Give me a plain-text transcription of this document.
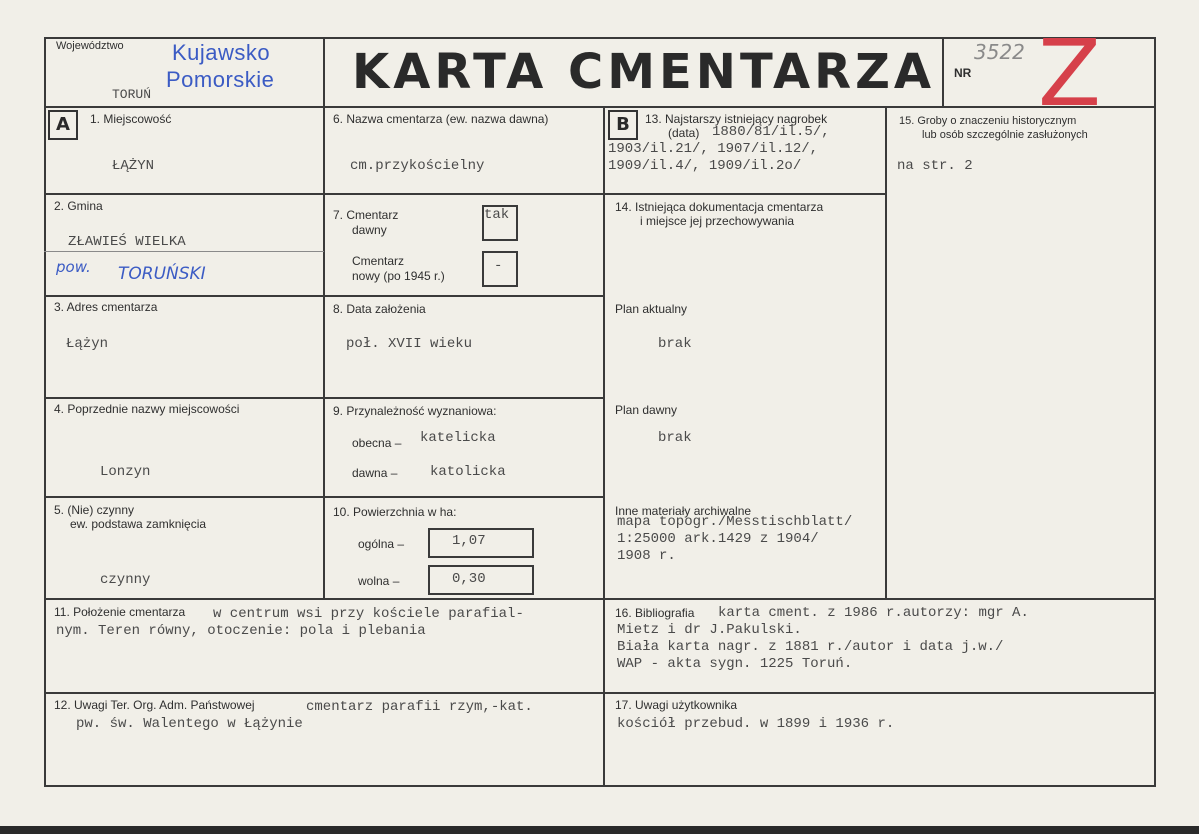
Województwo Kujawsko
Pomorskie
TORUŃ	KARTA CMENTARZA NR
3522 Z
A	B
1. Miejscowość
ŁĄŻYN
2. Gmina
ZŁAWIEŚ WIELKA
pow. TORUŃSKI
3. Adres cmentarza
Łążyn
4. Poprzednie nazwy miejscowości
Lonzyn
5. (Nie) czynny
ew. podstawa zamknięcia
czynny
6. Nazwa cmentarza (ew. nazwa dawna)
cm.przykościelny
7. Cmentarz
dawny
tak
Cmentarz
nowy (po 1945 r.)
-
8. Data założenia
poł. XVII wieku
9. Przynależność wyznaniowa:
obecna – katelicka
dawna – katolicka
10. Powierzchnia w ha:
ogólna –	1,07
wolna –	0,30
13. Najstarszy istniejący nagrobek
(data) 1880/81/il.5/,
1903/il.21/, 1907/il.12/,
1909/il.4/, 1909/il.2o/
14. Istniejąca dokumentacja cmentarza
i miejsce jej przechowywania
Plan aktualny
brak
Plan dawny
brak
Inne materiały archiwalne
mapa topogr./Messtischblatt/
1:25000 ark.1429 z 1904/
1908 r.
15. Groby o znaczeniu historycznym
lub osób szczególnie zasłużonych
na str. 2
11. Położenie cmentarza w centrum wsi przy kościele parafial-
nym. Teren równy, otoczenie: pola i plebania
16. Bibliografia karta cment. z 1986 r.autorzy: mgr A.
Mietz i dr J.Pakulski.
Biała karta nagr. z 1881 r./autor i data j.w./
WAP - akta sygn. 1225 Toruń.
12. Uwagi Ter. Org. Adm. Państwowej	cmentarz parafii rzym,-kat.
pw. św. Walentego w Łążynie
17. Uwagi użytkownika
kościół przebud. w 1899 i 1936 r.
